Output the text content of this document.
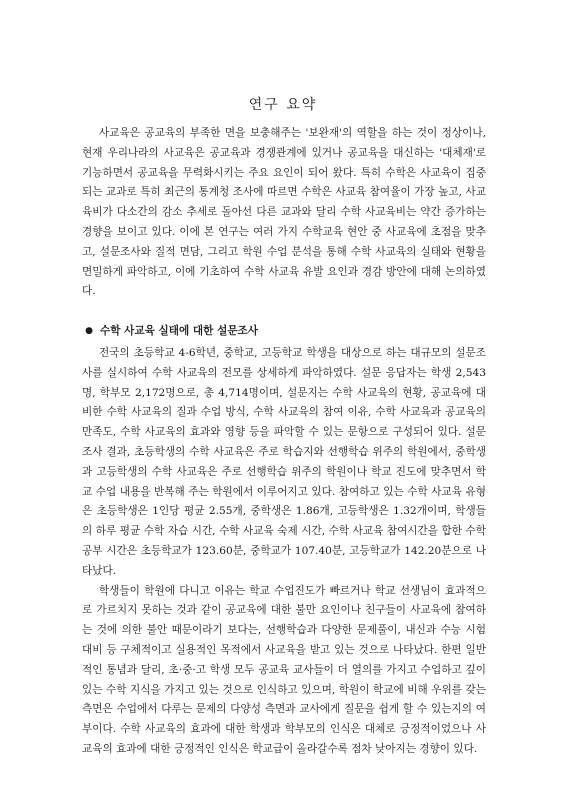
연구 요약

사교육은 공교육의 부족한 면을 보충해주는 '보완재'의 역할을 하는 것이 정상이나, 현재 우리나라의 사교육은 공교육과 경쟁관계에 있거나 공교육을 대신하는 '대체재'로 기능하면서 공교육을 무력화시키는 주요 요인이 되어 왔다. 특히 수학은 사교육이 집중되는 교과로 특히 최근의 통계청 조사에 따르면 수학은 사교육 참여율이 가장 높고, 사교육비가 다소간의 감소 추세로 돌아선 다른 교과와 달리 수학 사교육비는 약간 증가하는 경향을 보이고 있다. 이에 본 연구는 여러 가지 수학교육 현안 중 사교육에 초점을 맞추고, 설문조사와 질적 면담, 그리고 학원 수업 분석을 통해 수학 사교육의 실태와 현황을 면밀하게 파악하고, 이에 기초하여 수학 사교육 유발 요인과 경감 방안에 대해 논의하였다.

● 수학 사교육 실태에 대한 설문조사

전국의 초등학교 4-6학년, 중학교, 고등학교 학생을 대상으로 하는 대규모의 설문조사를 실시하여 수학 사교육의 전모를 상세하게 파악하였다. 설문 응답자는 학생 2,543명, 학부모 2,172명으로, 총 4,714명이며, 설문지는 수학 사교육의 현황, 공교육에 대비한 수학 사교육의 질과 수업 방식, 수학 사교육의 참여 이유, 수학 사교육과 공교육의 만족도, 수학 사교육의 효과와 영향 등을 파악할 수 있는 문항으로 구성되어 있다. 설문조사 결과, 초등학생의 수학 사교육은 주로 학습지와 선행학습 위주의 학원에서, 중학생과 고등학생의 수학 사교육은 주로 선행학습 위주의 학원이나 학교 진도에 맞추면서 학교 수업 내용을 반복해 주는 학원에서 이루어지고 있다. 참여하고 있는 수학 사교육 유형은 초등학생은 1인당 평균 2.55개, 중학생은 1.86개, 고등학생은 1.32개이며, 학생들의 하루 평균 수학 자습 시간, 수학 사교육 숙제 시간, 수학 사교육 참여시간을 합한 수학공부 시간은 초등학교가 123.60분, 중학교가 107.40분, 고등학교가 142.20분으로 나타났다.

학생들이 학원에 다니고 이유는 학교 수업진도가 빠르거나 학교 선생님이 효과적으로 가르치지 못하는 것과 같이 공교육에 대한 불만 요인이나 친구들이 사교육에 참여하는 것에 의한 불안 때문이라기 보다는, 선행학습과 다양한 문제풀이, 내신과 수능 시험 대비 등 구체적이고 실용적인 목적에서 사교육을 받고 있는 것으로 나타났다. 한편 일반적인 통념과 달리, 초·중·고 학생 모두 공교육 교사들이 더 열의를 가지고 수업하고 깊이 있는 수학 지식을 가지고 있는 것으로 인식하고 있으며, 학원이 학교에 비해 우위를 갖는 측면은 수업에서 다루는 문제의 다양성 측면과 교사에게 질문을 쉽게 할 수 있는지의 여부이다. 수학 사교육의 효과에 대한 학생과 학부모의 인식은 대체로 긍정적이었으나 사교육의 효과에 대한 긍정적인 인식은 학교급이 올라갈수록 점차 낮아지는 경향이 있다.
